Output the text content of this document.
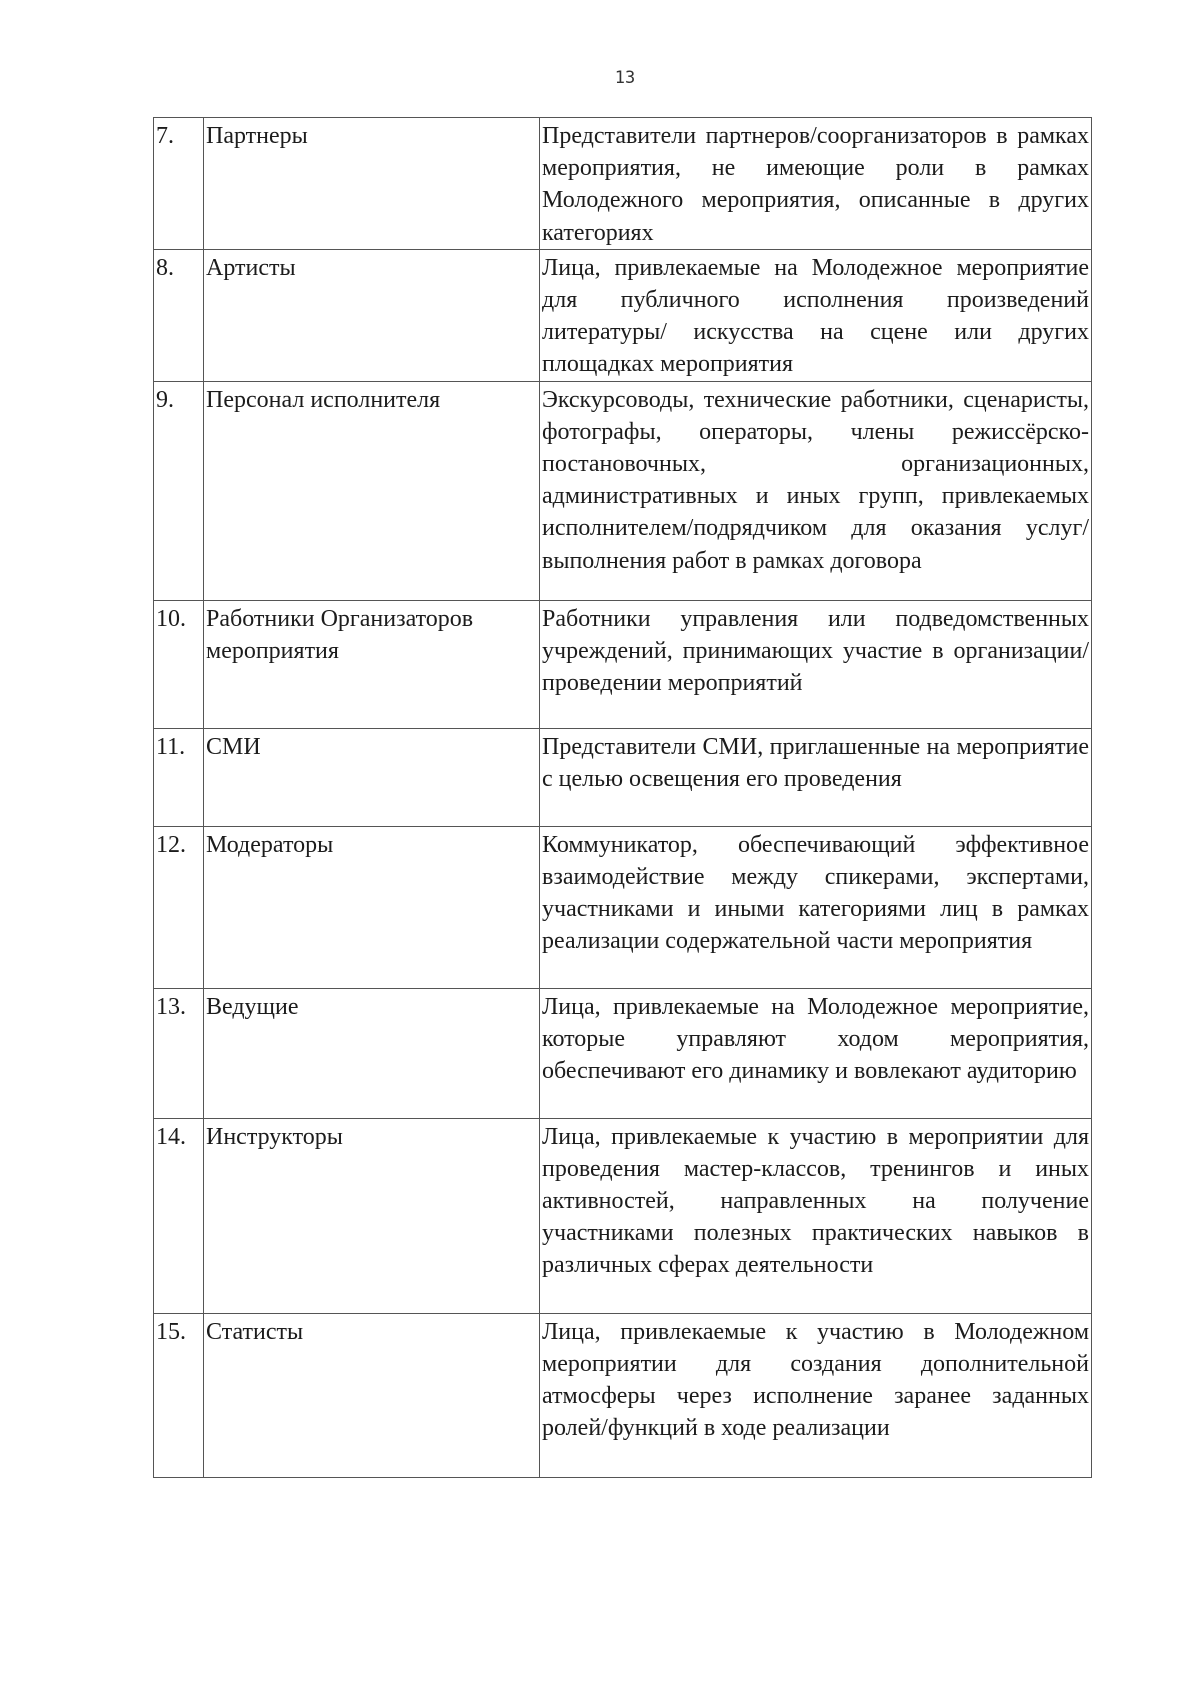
13
7.	Партнеры	Представители партнеров/соорганизаторов в рамках мероприятия, не имеющие роли в рамках Молодежного мероприятия, описанные в других категориях
8.	Артисты	Лица, привлекаемые на Молодежное мероприятие для публичного исполнения произведений литературы/ искусства на сцене или других площадках мероприятия
9.	Персонал исполнителя	Экскурсоводы, технические работники, сценаристы, фотографы, операторы, члены режиссёрско-постановочных, организационных, административных и иных групп, привлекаемых исполнителем/подрядчиком для оказания услуг/выполнения работ в рамках договора
10.	Работники Организаторов мероприятия	Работники управления или подведомственных учреждений, принимающих участие в организации/проведении мероприятий
11.	СМИ	Представители СМИ, приглашенные на мероприятие с целью освещения его проведения
12.	Модераторы	Коммуникатор, обеспечивающий эффективное взаимодействие между спикерами, экспертами, участниками и иными категориями лиц в рамках реализации содержательной части мероприятия
13.	Ведущие	Лица, привлекаемые на Молодежное мероприятие, которые управляют ходом мероприятия, обеспечивают его динамику и вовлекают аудиторию
14.	Инструкторы	Лица, привлекаемые к участию в мероприятии для проведения мастер-классов, тренингов и иных активностей, направленных на получение участниками полезных практических навыков в различных сферах деятельности
15.	Статисты	Лица, привлекаемые к участию в Молодежном мероприятии для создания дополнительной атмосферы через исполнение заранее заданных ролей/функций в ходе реализации
